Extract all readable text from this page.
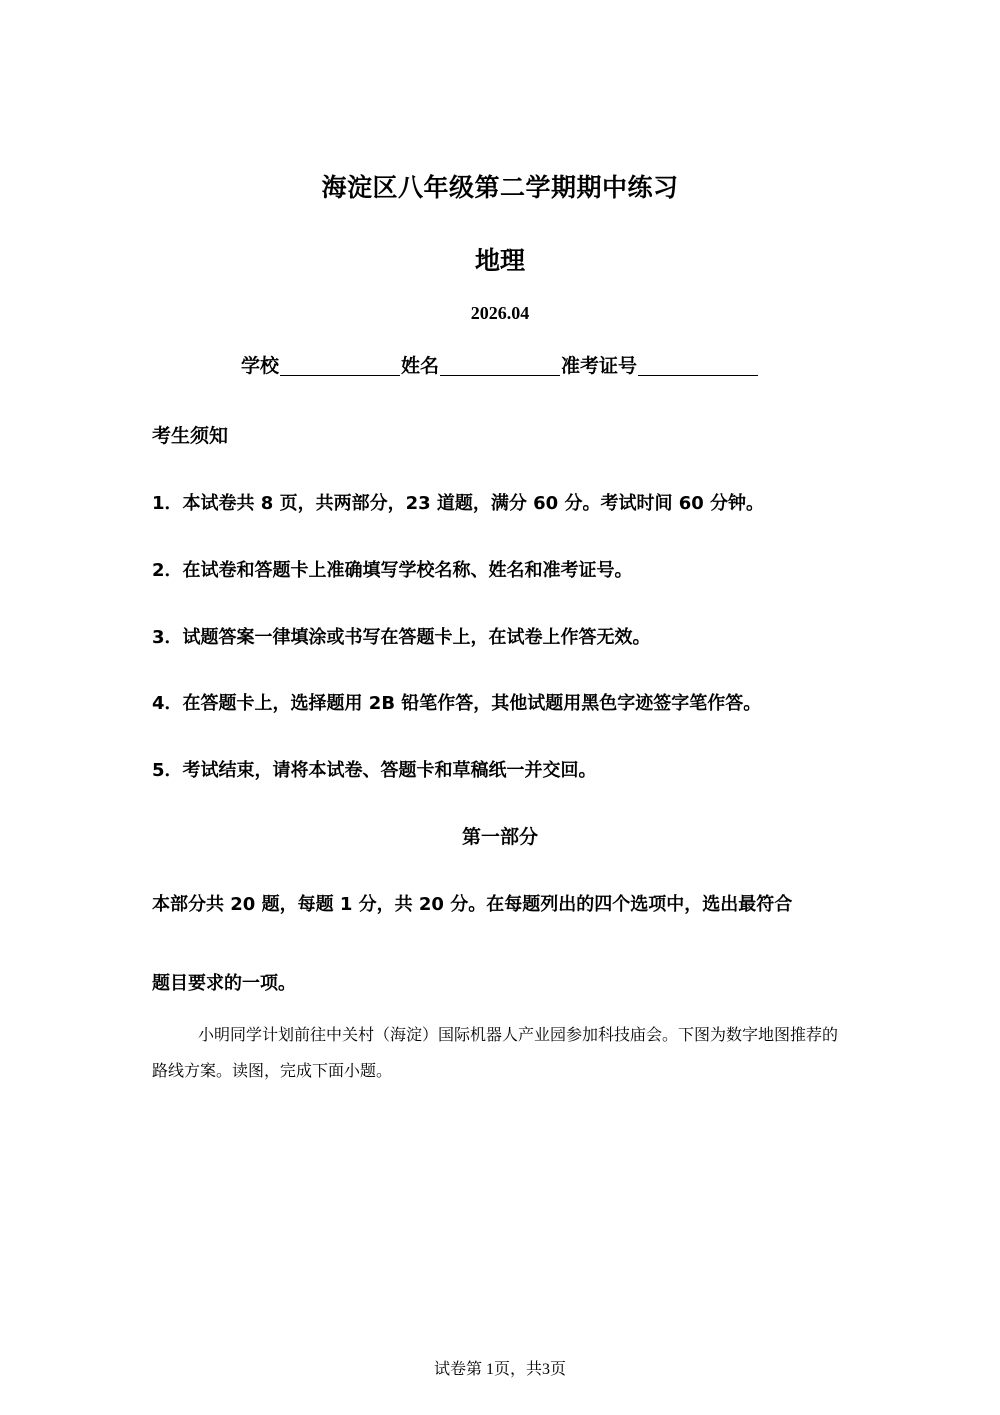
海淀区八年级第二学期期中练习
地理
2026.04
学校	姓名	准考证号
考生须知
1．本试卷共 8 页，共两部分，23 道题，满分 60 分。考试时间 60 分钟。
2．在试卷和答题卡上准确填写学校名称、姓名和准考证号。
3．试题答案一律填涂或书写在答题卡上，在试卷上作答无效。
4．在答题卡上，选择题用 2B 铅笔作答，其他试题用黑色字迹签字笔作答。
5．考试结束，请将本试卷、答题卡和草稿纸一并交回。
第一部分
本部分共 20 题，每题 1 分，共 20 分。在每题列出的四个选项中，选出最符合
题目要求的一项。
小明同学计划前往中关村（海淀）国际机器人产业园参加科技庙会。下图为数字地图推荐的路线方案。读图，完成下面小题。
试卷第 1页，共3页
